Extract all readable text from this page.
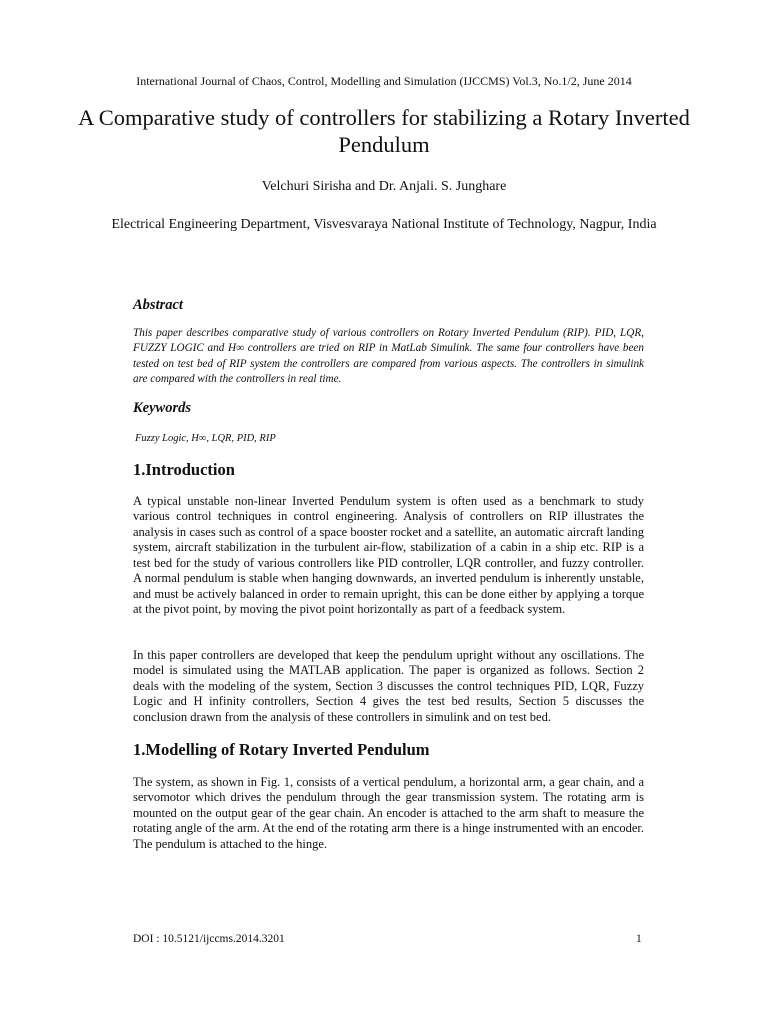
International Journal of Chaos, Control, Modelling and Simulation (IJCCMS) Vol.3, No.1/2, June 2014
A Comparative study of controllers for stabilizing a Rotary Inverted Pendulum
Velchuri Sirisha and Dr. Anjali. S. Junghare
Electrical Engineering Department, Visvesvaraya National Institute of Technology, Nagpur, India
Abstract

This paper describes comparative study of various controllers on Rotary Inverted Pendulum (RIP). PID, LQR, FUZZY LOGIC and H∞ controllers are tried on RIP in MatLab Simulink. The same four controllers have been tested on test bed of RIP system the controllers are compared from various aspects. The controllers in simulink are compared with the controllers in real time.

Keywords

Fuzzy Logic, H∞, LQR, PID, RIP

1.Introduction

A typical unstable non-linear Inverted Pendulum system is often used as a benchmark to study various control techniques in control engineering. Analysis of controllers on RIP illustrates the analysis in cases such as control of a space booster rocket and a satellite, an automatic aircraft landing system, aircraft stabilization in the turbulent air-flow, stabilization of a cabin in a ship etc. RIP is a test bed for the study of various controllers like PID controller, LQR controller, and fuzzy controller. A normal pendulum is stable when hanging downwards, an inverted pendulum is inherently unstable, and must be actively balanced in order to remain upright, this can be done either by applying a torque at the pivot point, by moving the pivot point horizontally as part of a feedback system.

In this paper controllers are developed that keep the pendulum upright without any oscillations. The model is simulated using the MATLAB application. The paper is organized as follows. Section 2 deals with the modeling of the system, Section 3 discusses the control techniques PID, LQR, Fuzzy Logic and H infinity controllers, Section 4 gives the test bed results, Section 5 discusses the conclusion drawn from the analysis of these controllers in simulink and on test bed.

1.Modelling of Rotary Inverted Pendulum

The system, as shown in Fig. 1, consists of a vertical pendulum, a horizontal arm, a gear chain, and a servomotor which drives the pendulum through the gear transmission system. The rotating arm is mounted on the output gear of the gear chain. An encoder is attached to the arm shaft to measure the rotating angle of the arm. At the end of the rotating arm there is a hinge instrumented with an encoder. The pendulum is attached to the hinge.

DOI : 10.5121/ijccms.2014.3201	1
